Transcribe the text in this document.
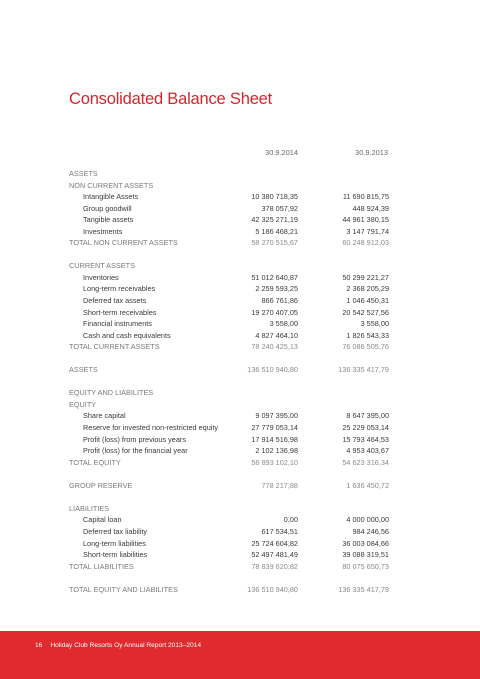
Consolidated Balance Sheet
30.9.2014	30.9.2013
ASSETS
NON CURRENT ASSETS
Intangible Assets	10 380 718,35	11 690 815,75
Group goodwill	378 057,92	448 924,39
Tangible assets	42 325 271,19	44 961 380,15
Investments	5 186 468,21	3 147 791,74
TOTAL NON CURRENT ASSETS	58 270 515,67	60 248 912,03
CURRENT ASSETS
Inventories	51 012 640,87	50 299 221,27
Long-term receivables	2 259 593,25	2 368 205,29
Deferred tax assets	866 761,86	1 046 450,31
Short-term receivables	19 270 407,05	20 542 527,56
Financial instruments	3 558,00	3 558,00
Cash and cash equivalents	4 827 464,10	1 826 543,33
TOTAL CURRENT ASSETS	78 240 425,13	76 086 505,76
ASSETS	136 510 940,80	136 335 417,79
EQUITY AND LIABILITES
EQUITY
Share capital	9 097 395,00	8 647 395,00
Reserve for invested non-restricted equity	27 779 053,14	25 229 053,14
Profit (loss) from previous years	17 914 516,98	15 793 464,53
Profit (loss) for the financial year	2 102 136,98	4 953 403,67
TOTAL EQUITY	56 893 102,10	54 623 316,34
GROUP RESERVE	778 217,88	1 636 450,72
LIABILITIES
Capital loan	0,00	4 000 000,00
Deferred tax liability	617 534,51	984 246,56
Long-term liabilities	25 724 604,82	36 003 084,66
Short-term liabilities	52 497 481,49	39 088 319,51
TOTAL LIABILITIES	78 839 620,82	80 075 650,73
TOTAL EQUITY AND LIABILITES	136 510 940,80	136 335 417,79
16 Holiday Club Resorts Oy Annual Report 2013–2014
